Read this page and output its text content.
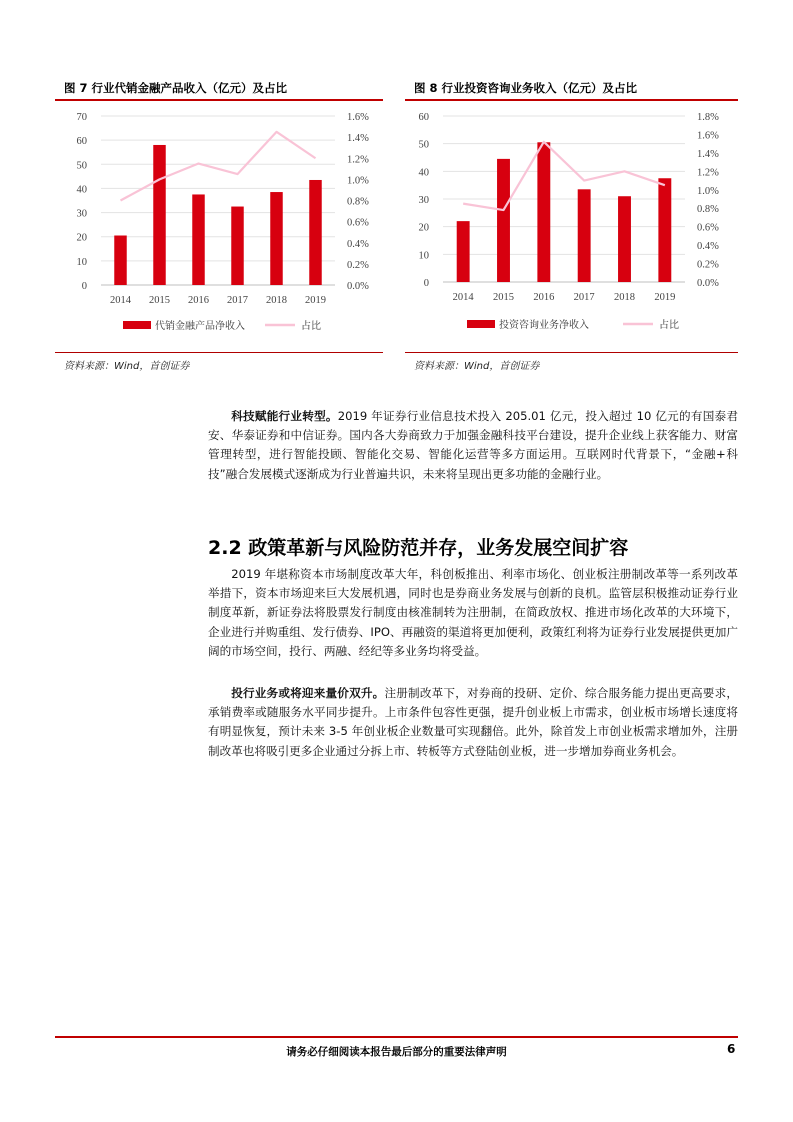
图 7 行业代销金融产品收入（亿元）及占比	图 8 行业投资咨询业务收入（亿元）及占比
0
10
20
30
40
50
60
70
0.0%
0.2%
0.4%
0.6%
0.8%
1.0%
1.2%
1.4%
1.6%
2014 2015 2016 2017 2018 2019
代销金融产品净收入	占比
0
10
20
30
40
50
60
0.0%
0.2%
0.4%
0.6%
0.8%
1.0%
1.2%
1.4%
1.6%
1.8%
2014 2015 2016 2017 2018 2019
投资咨询业务净收入	占比
资料来源：Wind，首创证券	资料来源：Wind，首创证券
科技赋能行业转型。2019 年证券行业信息技术投入 205.01 亿元，投入超过 10 亿元的有国泰君安、华泰证券和中信证券。国内各大券商致力于加强金融科技平台建设，提升企业线上获客能力、财富管理转型，进行智能投顾、智能化交易、智能化运营等多方面运用。互联网时代背景下，“金融+科技”融合发展模式逐渐成为行业普遍共识，未来将呈现出更多功能的金融行业。
2.2 政策革新与风险防范并存，业务发展空间扩容
2019 年堪称资本市场制度改革大年，科创板推出、利率市场化、创业板注册制改革等一系列改革举措下，资本市场迎来巨大发展机遇，同时也是券商业务发展与创新的良机。监管层积极推动证券行业制度革新，新证券法将股票发行制度由核准制转为注册制，在简政放权、推进市场化改革的大环境下，企业进行并购重组、发行债券、IPO、再融资的渠道将更加便利，政策红利将为证券行业发展提供更加广阔的市场空间，投行、两融、经纪等多业务均将受益。
投行业务或将迎来量价双升。注册制改革下，对券商的投研、定价、综合服务能力提出更高要求，承销费率或随服务水平同步提升。上市条件包容性更强，提升创业板上市需求，创业板市场增长速度将有明显恢复，预计未来 3-5 年创业板企业数量可实现翻倍。此外，除首发上市创业板需求增加外，注册制改革也将吸引更多企业通过分拆上市、转板等方式登陆创业板，进一步增加券商业务机会。
请务必仔细阅读本报告最后部分的重要法律声明	6
